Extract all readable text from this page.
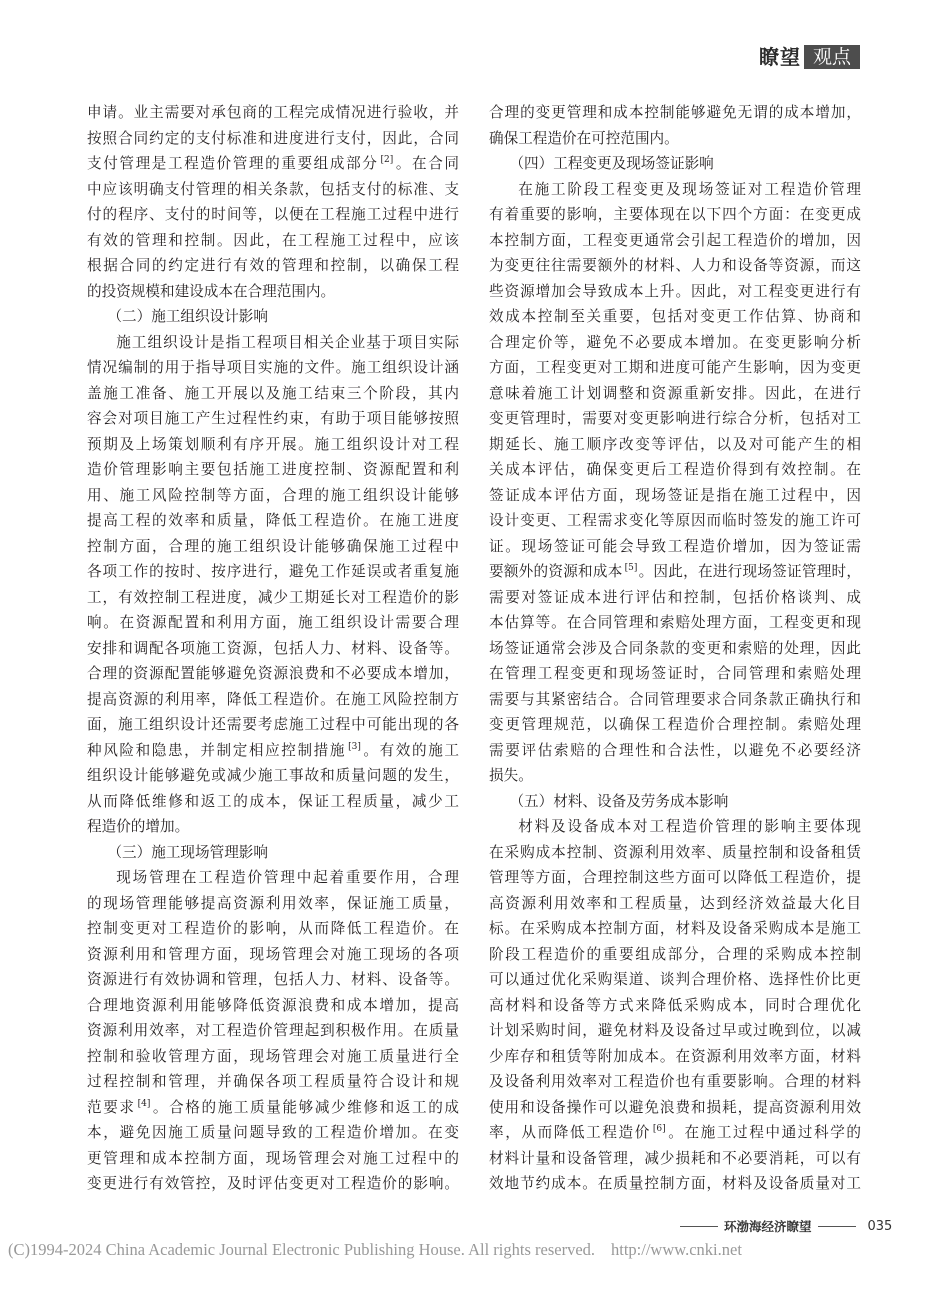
瞭望 观点
申请。业主需要对承包商的工程完成情况进行验收，并
按照合同约定的支付标准和进度进行支付，因此，合同
支付管理是工程造价管理的重要组成部分 [2]。在合同
中应该明确支付管理的相关条款，包括支付的标准、支
付的程序、支付的时间等，以便在工程施工过程中进行
有效的管理和控制。因此，在工程施工过程中，应该
根据合同的约定进行有效的管理和控制，以确保工程
的投资规模和建设成本在合理范围内。
（二）施工组织设计影响
施工组织设计是指工程项目相关企业基于项目实际
情况编制的用于指导项目实施的文件。施工组织设计涵
盖施工准备、施工开展以及施工结束三个阶段，其内
容会对项目施工产生过程性约束，有助于项目能够按照
预期及上场策划顺利有序开展。施工组织设计对工程
造价管理影响主要包括施工进度控制、资源配置和利
用、施工风险控制等方面，合理的施工组织设计能够
提高工程的效率和质量，降低工程造价。在施工进度
控制方面，合理的施工组织设计能够确保施工过程中
各项工作的按时、按序进行，避免工作延误或者重复施
工，有效控制工程进度，减少工期延长对工程造价的影
响。在资源配置和利用方面，施工组织设计需要合理
安排和调配各项施工资源，包括人力、材料、设备等。
合理的资源配置能够避免资源浪费和不必要成本增加，
提高资源的利用率，降低工程造价。在施工风险控制方
面，施工组织设计还需要考虑施工过程中可能出现的各
种风险和隐患，并制定相应控制措施 [3]。有效的施工
组织设计能够避免或减少施工事故和质量问题的发生，
从而降低维修和返工的成本，保证工程质量，减少工
程造价的增加。
（三）施工现场管理影响
现场管理在工程造价管理中起着重要作用，合理
的现场管理能够提高资源利用效率，保证施工质量，
控制变更对工程造价的影响，从而降低工程造价。在
资源利用和管理方面，现场管理会对施工现场的各项
资源进行有效协调和管理，包括人力、材料、设备等。
合理地资源利用能够降低资源浪费和成本增加，提高
资源利用效率，对工程造价管理起到积极作用。在质量
控制和验收管理方面，现场管理会对施工质量进行全
过程控制和管理，并确保各项工程质量符合设计和规
范要求 [4]。合格的施工质量能够减少维修和返工的成
本，避免因施工质量问题导致的工程造价增加。在变
更管理和成本控制方面，现场管理会对施工过程中的
变更进行有效管控，及时评估变更对工程造价的影响。
合理的变更管理和成本控制能够避免无谓的成本增加，
确保工程造价在可控范围内。
（四）工程变更及现场签证影响
在施工阶段工程变更及现场签证对工程造价管理
有着重要的影响，主要体现在以下四个方面：在变更成
本控制方面，工程变更通常会引起工程造价的增加，因
为变更往往需要额外的材料、人力和设备等资源，而这
些资源增加会导致成本上升。因此，对工程变更进行有
效成本控制至关重要，包括对变更工作估算、协商和
合理定价等，避免不必要成本增加。在变更影响分析
方面，工程变更对工期和进度可能产生影响，因为变更
意味着施工计划调整和资源重新安排。因此，在进行
变更管理时，需要对变更影响进行综合分析，包括对工
期延长、施工顺序改变等评估，以及对可能产生的相
关成本评估，确保变更后工程造价得到有效控制。在
签证成本评估方面，现场签证是指在施工过程中，因
设计变更、工程需求变化等原因而临时签发的施工许可
证。现场签证可能会导致工程造价增加，因为签证需
要额外的资源和成本 [5]。因此，在进行现场签证管理时，
需要对签证成本进行评估和控制，包括价格谈判、成
本估算等。在合同管理和索赔处理方面，工程变更和现
场签证通常会涉及合同条款的变更和索赔的处理，因此
在管理工程变更和现场签证时，合同管理和索赔处理
需要与其紧密结合。合同管理要求合同条款正确执行和
变更管理规范，以确保工程造价合理控制。索赔处理
需要评估索赔的合理性和合法性，以避免不必要经济
损失。
（五）材料、设备及劳务成本影响
材料及设备成本对工程造价管理的影响主要体现
在采购成本控制、资源利用效率、质量控制和设备租赁
管理等方面，合理控制这些方面可以降低工程造价，提
高资源利用效率和工程质量，达到经济效益最大化目
标。在采购成本控制方面，材料及设备采购成本是施工
阶段工程造价的重要组成部分，合理的采购成本控制
可以通过优化采购渠道、谈判合理价格、选择性价比更
高材料和设备等方式来降低采购成本，同时合理优化
计划采购时间，避免材料及设备过早或过晚到位，以减
少库存和租赁等附加成本。在资源利用效率方面，材料
及设备利用效率对工程造价也有重要影响。合理的材料
使用和设备操作可以避免浪费和损耗，提高资源利用效
率，从而降低工程造价 [6]。在施工过程中通过科学的
材料计量和设备管理，减少损耗和不必要消耗，可以有
效地节约成本。在质量控制方面，材料及设备质量对工
环渤海经济瞭望	035
(C)1994-2024 China Academic Journal Electronic Publishing House. All rights reserved. http://www.cnki.net
